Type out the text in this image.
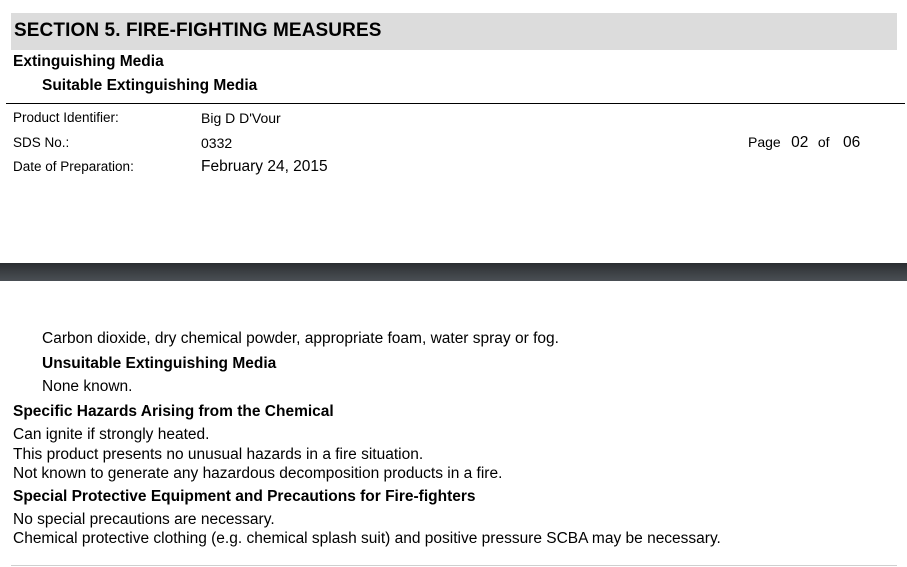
SECTION 5. FIRE-FIGHTING MEASURES
Extinguishing Media
Suitable Extinguishing Media
Product Identifier:	Big D D'Vour
SDS No.:	0332
Date of Preparation:	February 24, 2015
Page 02 of 06
Carbon dioxide, dry chemical powder, appropriate foam, water spray or fog.
Unsuitable Extinguishing Media
None known.
Specific Hazards Arising from the Chemical
Can ignite if strongly heated.
This product presents no unusual hazards in a fire situation.
Not known to generate any hazardous decomposition products in a fire.
Special Protective Equipment and Precautions for Fire-fighters
No special precautions are necessary.
Chemical protective clothing (e.g. chemical splash suit) and positive pressure SCBA may be necessary.
